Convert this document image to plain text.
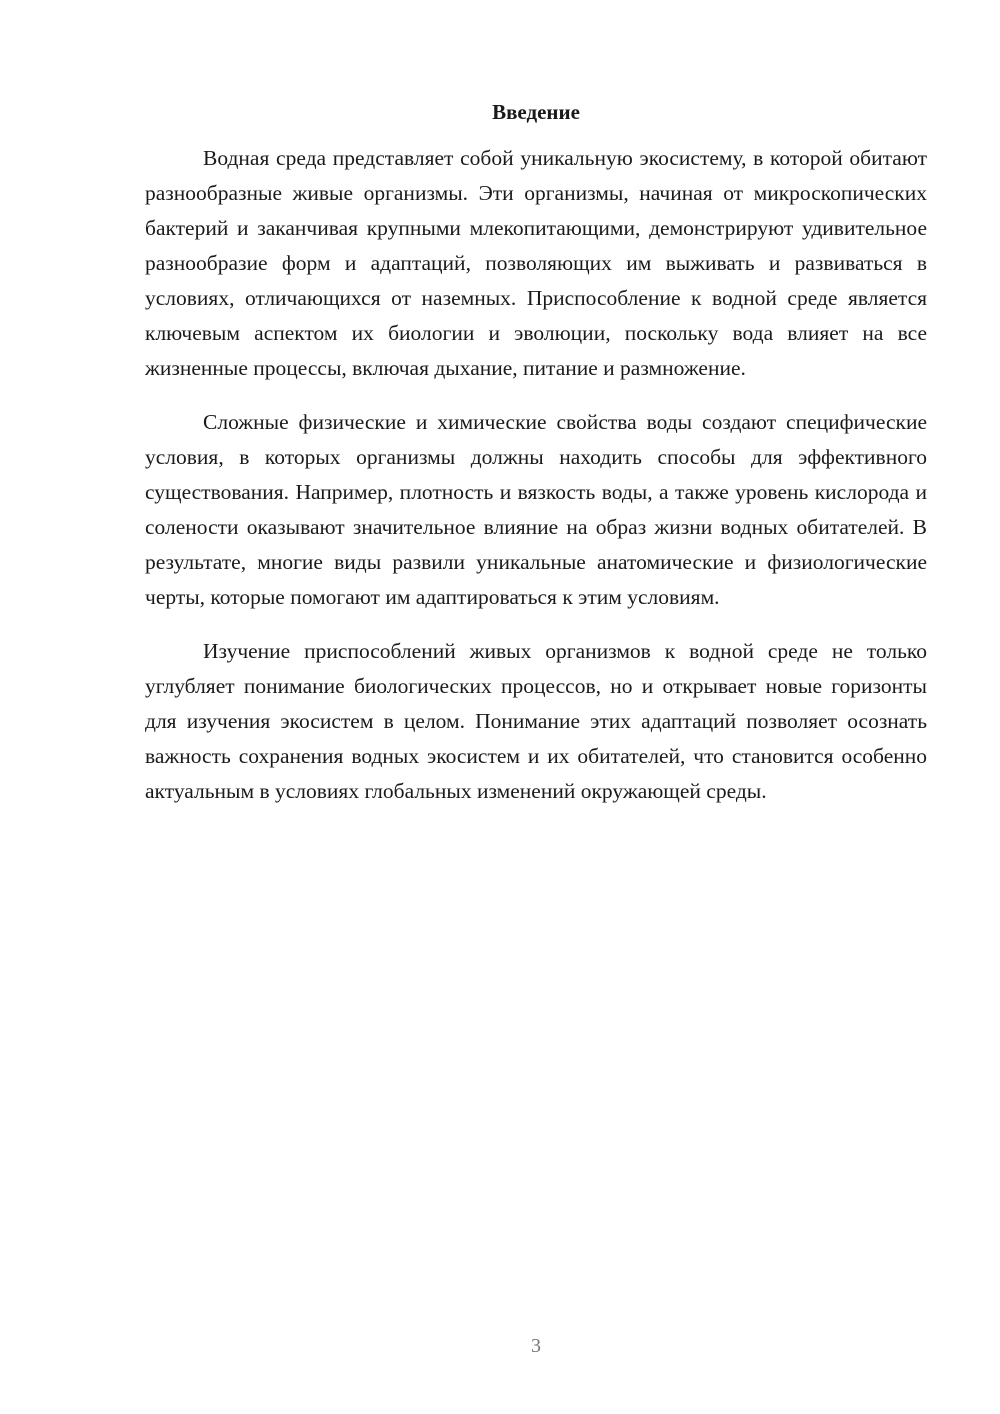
Введение

Водная среда представляет собой уникальную экосистему, в которой обитают разнообразные живые организмы. Эти организмы, начиная от микроскопических бактерий и заканчивая крупными млекопитающими, демонстрируют удивительное разнообразие форм и адаптаций, позволяющих им выживать и развиваться в условиях, отличающихся от наземных. Приспособление к водной среде является ключевым аспектом их биологии и эволюции, поскольку вода влияет на все жизненные процессы, включая дыхание, питание и размножение.

Сложные физические и химические свойства воды создают специфические условия, в которых организмы должны находить способы для эффективного существования. Например, плотность и вязкость воды, а также уровень кислорода и солености оказывают значительное влияние на образ жизни водных обитателей. В результате, многие виды развили уникальные анатомические и физиологические черты, которые помогают им адаптироваться к этим условиям.

Изучение приспособлений живых организмов к водной среде не только углубляет понимание биологических процессов, но и открывает новые горизонты для изучения экосистем в целом. Понимание этих адаптаций позволяет осознать важность сохранения водных экосистем и их обитателей, что становится особенно актуальным в условиях глобальных изменений окружающей среды.

3
